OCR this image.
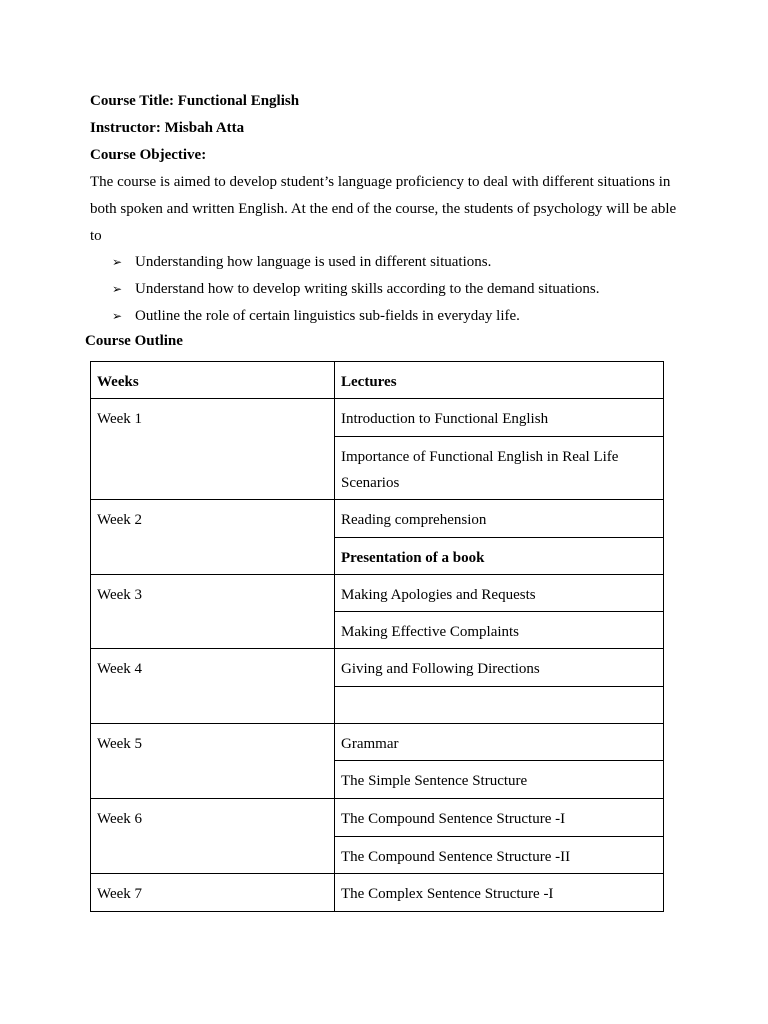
Course Title: Functional English
Instructor: Misbah Atta
Course Objective:
The course is aimed to develop student’s language proficiency to deal with different situations in both spoken and written English. At the end of the course, the students of psychology will be able to
➢ Understanding how language is used in different situations.
➢ Understand how to develop writing skills according to the demand situations.
➢ Outline the role of certain linguistics sub-fields in everyday life.
Course Outline
Weeks	Lectures
Week 1	Introduction to Functional English
	Importance of Functional English in Real Life Scenarios
Week 2	Reading comprehension
	Presentation of a book
Week 3	Making Apologies and Requests
	Making Effective Complaints
Week 4	Giving and Following Directions

Week 5	Grammar
	The Simple Sentence Structure
Week 6	The Compound Sentence Structure -I
	The Compound Sentence Structure -II
Week 7	The Complex Sentence Structure -I
